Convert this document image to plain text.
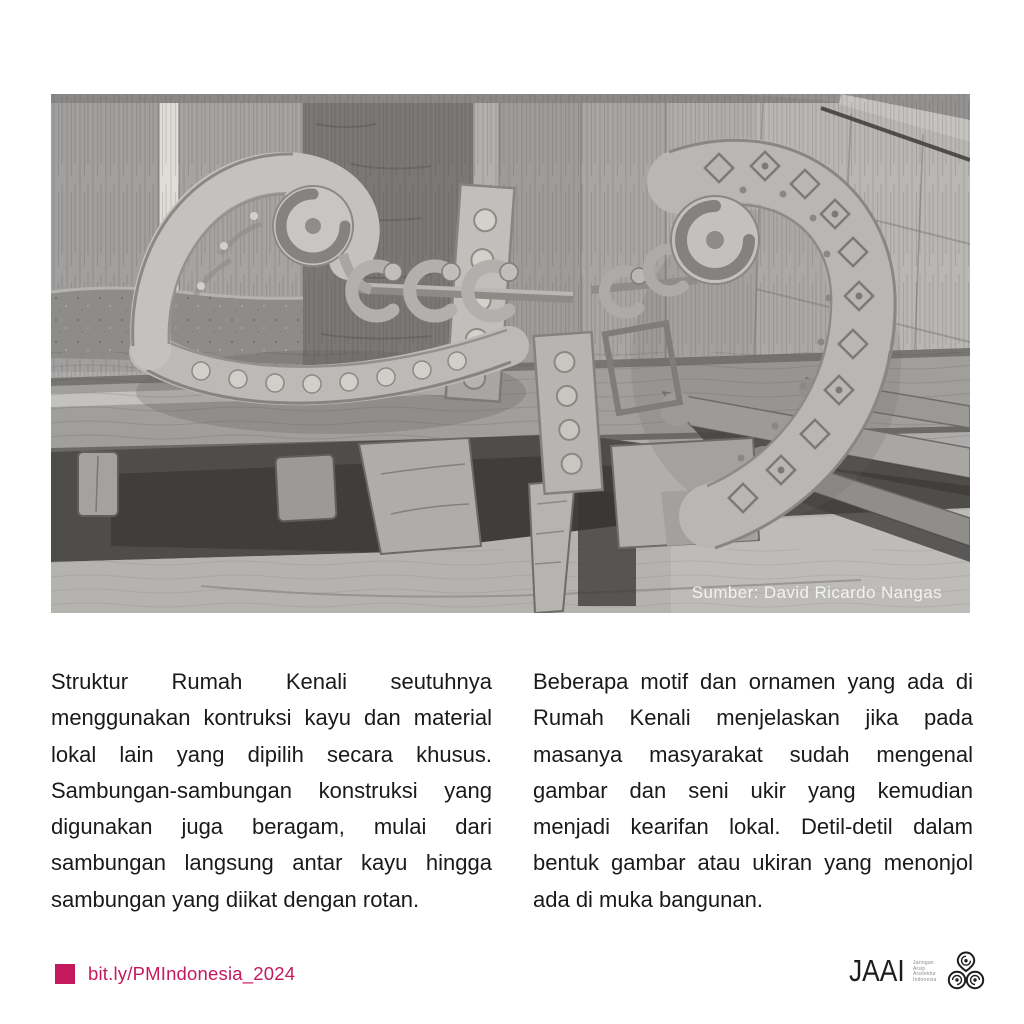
Sumber: David Ricardo Nangas
Struktur Rumah Kenali seutuhnya
menggunakan kontruksi kayu dan material
lokal lain yang dipilih secara khusus.
Sambungan-sambungan konstruksi yang
digunakan juga beragam, mulai dari
sambungan langsung antar kayu hingga
sambungan yang diikat dengan rotan.
Beberapa motif dan ornamen yang ada di
Rumah Kenali menjelaskan jika pada
masanya masyarakat sudah mengenal
gambar dan seni ukir yang kemudian
menjadi kearifan lokal. Detil-detil dalam
bentuk gambar atau ukiran yang menonjol
ada di muka bangunan.
bit.ly/PMIndonesia_2024	JAAI Jaringan
Arsip
Arsitektur
Indonesia
